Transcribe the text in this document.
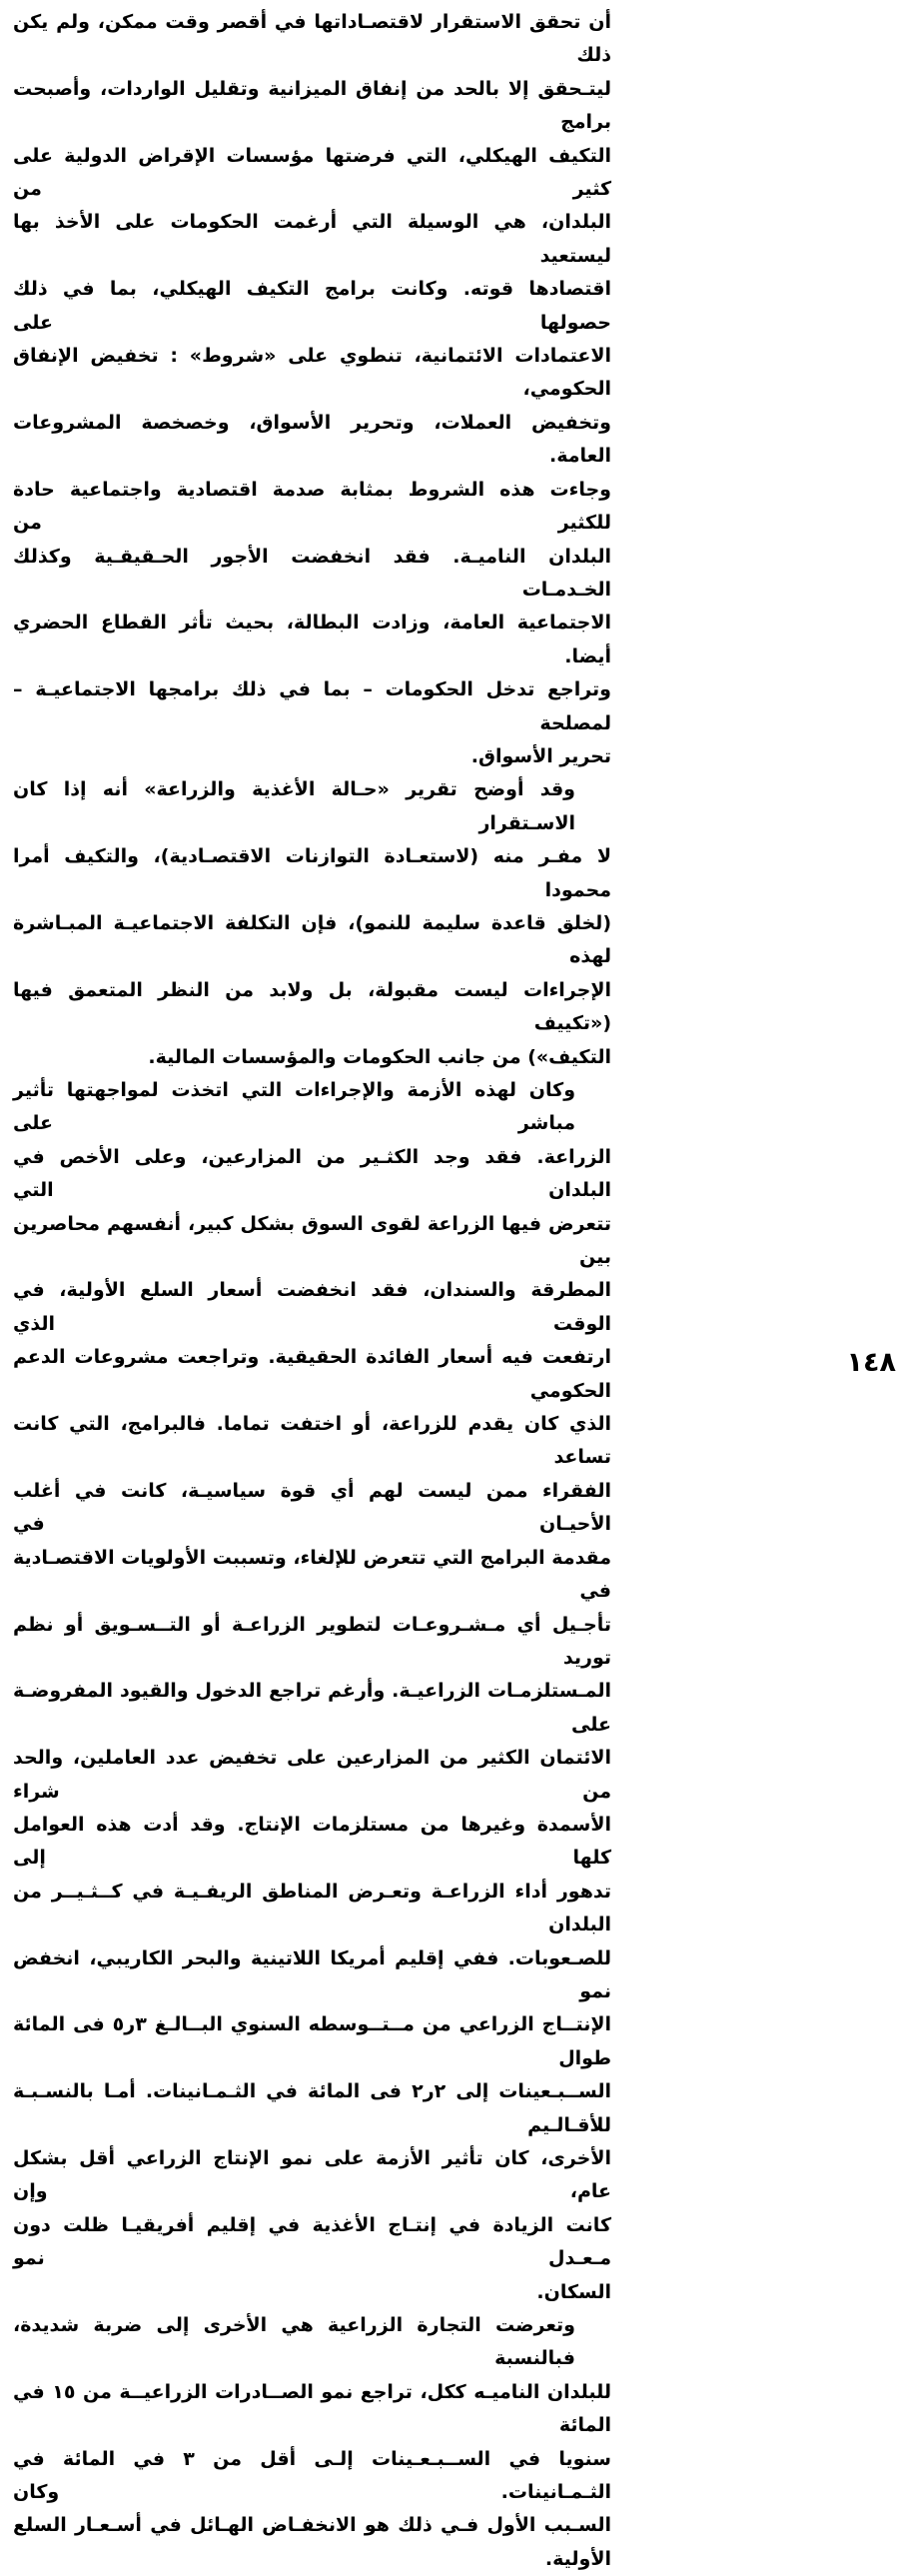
أن تحقق الاستقرار لاقتصـاداتها في أقصر وقت ممكن، ولم يكن ذلك
ليتـحقق إلا بالحد من إنفاق الميزانية وتقليل الواردات، وأصبحت برامج
التكيف الهيكلي، التي فرضتها مؤسسات الإقراض الدولية على كثير من
البلدان، هي الوسيلة التي أرغمت الحكومات على الأخذ بها ليستعيد
اقتصادها قوته. وكانت برامج التكيف الهيكلي، بما في ذلك حصولها على
الاعتمادات الائتمانية، تنطوي على «شروط» : تخفيض الإنفاق الحكومي،
وتخفيض العملات، وتحرير الأسواق، وخصخصة المشروعات العامة.
وجاءت هذه الشروط بمثابة صدمة اقتصادية واجتماعية حادة للكثير من
البلدان الناميـة. فقد انخفضت الأجور الحـقيقـية وكذلك الخـدمـات
الاجتماعية العامة، وزادت البطالة، بحيث تأثر القطاع الحضري أيضا.
وتراجع تدخل الحكومات – بما في ذلك برامجها الاجتماعيـة – لمصلحة
تحرير الأسواق.
وقد أوضح تقرير «حـالة الأغذية والزراعة» أنه إذا كان الاسـتقرار
لا مفـر منه (لاستعـادة التوازنات الاقتصـادية)، والتكيف أمرا محمودا
(لخلق قاعدة سليمة للنمو)، فإن التكلفة الاجتماعيـة المبـاشرة لهذه
الإجراءات ليست مقبولة، بل ولابد من النظر المتعمق فيها («تكييف
التكيف») من جانب الحكومات والمؤسسات المالية.
وكان لهذه الأزمة والإجراءات التي اتخذت لمواجهتها تأثير مباشر على
الزراعة. فقد وجد الكثـير من المزارعين، وعلى الأخص في البلدان التي
تتعرض فيها الزراعة لقوى السوق بشكل كبير، أنفسهم محاصرين بين
المطرقة والسندان، فقد انخفضت أسعار السلع الأولية، في الوقت الذي
ارتفعت فيه أسعار الفائدة الحقيقية. وتراجعت مشروعات الدعم الحكومي
الذي كان يقدم للزراعة، أو اختفت تماما. فالبرامج، التي كانت تساعد
الفقراء ممن ليست لهم أي قوة سياسيـة، كانت في أغلب الأحيـان في
مقدمة البرامج التي تتعرض للإلغاء، وتسببت الأولويات الاقتصـادية في
تأجـيل أي مـشـروعـات لتطوير الزراعـة أو التــسـويق أو نظم توريد
المـستلزمـات الزراعيـة. وأرغم تراجع الدخول والقيود المفروضـة على
الائتمان الكثير من المزارعين على تخفيض عدد العاملين، والحد من شراء
الأسمدة وغيرها من مستلزمات الإنتاج. وقد أدت هذه العوامل كلها إلى
تدهور أداء الزراعـة وتعـرض المناطق الريفـيـة في كــثـيــر من البلدان
للصـعوبات. ففي إقليم أمريكا اللاتينية والبحر الكاريبي، انخفض نمو
الإنتــاج الزراعي من مــتــوسطه السنوي البــالـغ ٣ر٥ فى المائة طوال
الســبـعينات إلى ٢ر٢ فى المائة في الثـمـانينات. أمـا بالنسـبـة للأقـالـيم
الأخرى، كان تأثير الأزمة على نمو الإنتاج الزراعي أقل بشكل عام، وإن
كانت الزيادة في إنتـاج الأغذية في إقليم أفريقيـا ظلت دون مـعـدل نمو
السكان.
وتعرضت التجارة الزراعية هي الأخرى إلى ضربة شديدة، فبالنسبة
للبلدان الناميـه ككل، تراجع نمو الصــادرات الزراعيــة من ١٥ في المائة
سنويا في الســبـعـينات إلـى أقل من ٣ في المائة في الثـمـانينات. وكان
السـبب الأول فـي ذلك هو الانخفـاض الهـائل في أسـعـار السلع الأولية.
١٤٨
